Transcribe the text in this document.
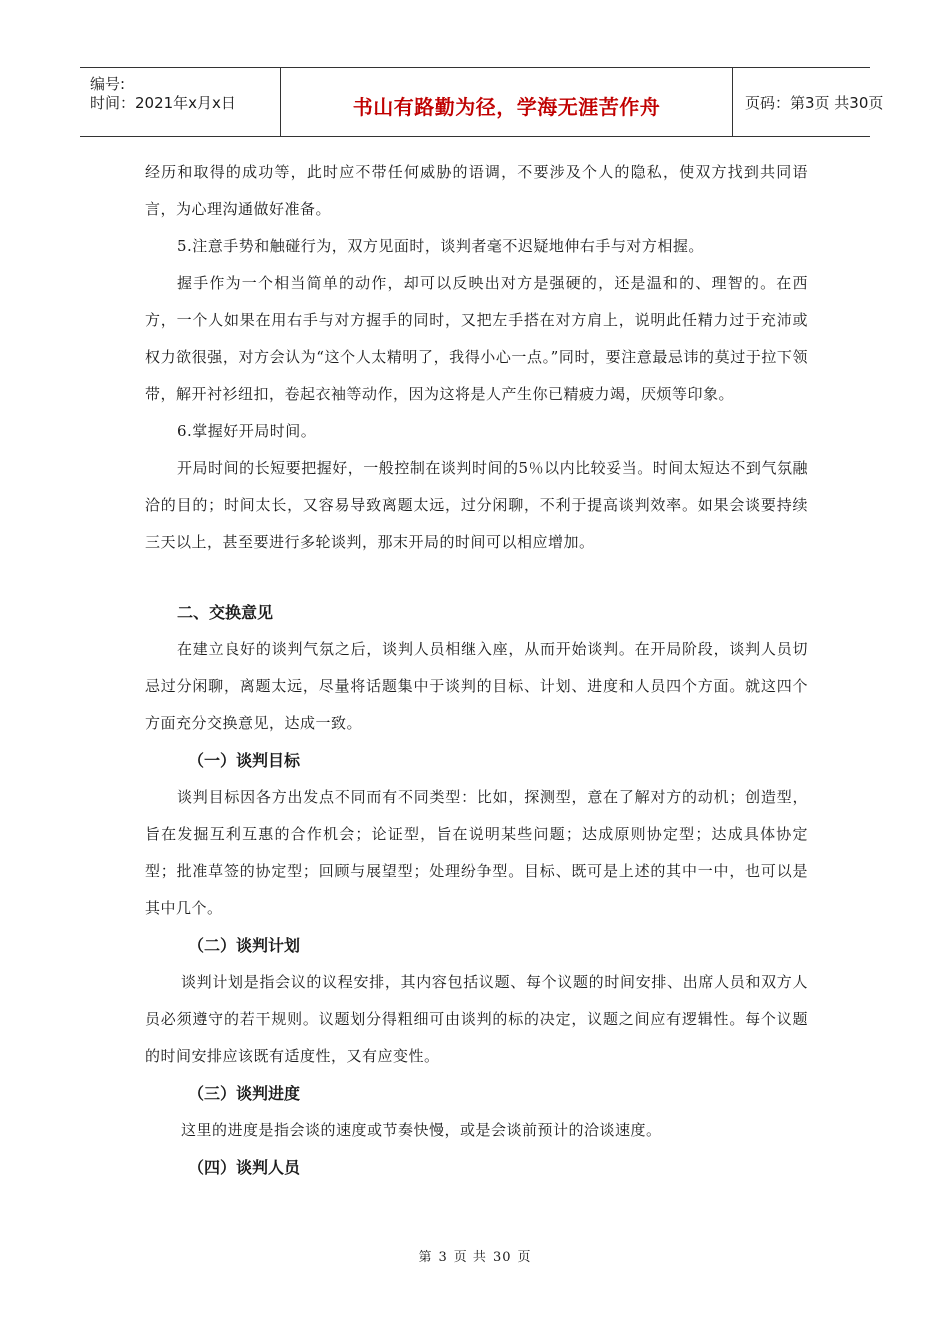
编号:
时间：2021年x月x日	书山有路勤为径，学海无涯苦作舟	页码：第3页 共30页

经历和取得的成功等，此时应不带任何威胁的语调，不要涉及个人的隐私，使双方找到共同语言，为心理沟通做好准备。

5.注意手势和触碰行为，双方见面时，谈判者毫不迟疑地伸右手与对方相握。

握手作为一个相当简单的动作，却可以反映出对方是强硬的，还是温和的、理智的。在西方，一个人如果在用右手与对方握手的同时，又把左手搭在对方肩上，说明此任精力过于充沛或权力欲很强，对方会认为“这个人太精明了，我得小心一点。”同时，要注意最忌讳的莫过于拉下领带，解开衬衫纽扣，卷起衣袖等动作，因为这将是人产生你已精疲力竭，厌烦等印象。

6.掌握好开局时间。

开局时间的长短要把握好，一般控制在谈判时间的5％以内比较妥当。时间太短达不到气氛融洽的目的；时间太长，又容易导致离题太远，过分闲聊，不利于提高谈判效率。如果会谈要持续三天以上，甚至要进行多轮谈判，那末开局的时间可以相应增加。

二、交换意见

在建立良好的谈判气氛之后，谈判人员相继入座，从而开始谈判。在开局阶段，谈判人员切忌过分闲聊，离题太远，尽量将话题集中于谈判的目标、计划、进度和人员四个方面。就这四个方面充分交换意见，达成一致。

（一）谈判目标

谈判目标因各方出发点不同而有不同类型：比如，探测型，意在了解对方的动机；创造型，旨在发掘互利互惠的合作机会；论证型，旨在说明某些问题；达成原则协定型；达成具体协定型；批准草签的协定型；回顾与展望型；处理纷争型。目标、既可是上述的其中一中，也可以是其中几个。

（二）谈判计划

谈判计划是指会议的议程安排，其内容包括议题、每个议题的时间安排、出席人员和双方人员必须遵守的若干规则。议题划分得粗细可由谈判的标的决定，议题之间应有逻辑性。每个议题的时间安排应该既有适度性，又有应变性。

（三）谈判进度

这里的进度是指会谈的速度或节奏快慢，或是会谈前预计的洽谈速度。

（四）谈判人员
第 3 页 共 30 页
